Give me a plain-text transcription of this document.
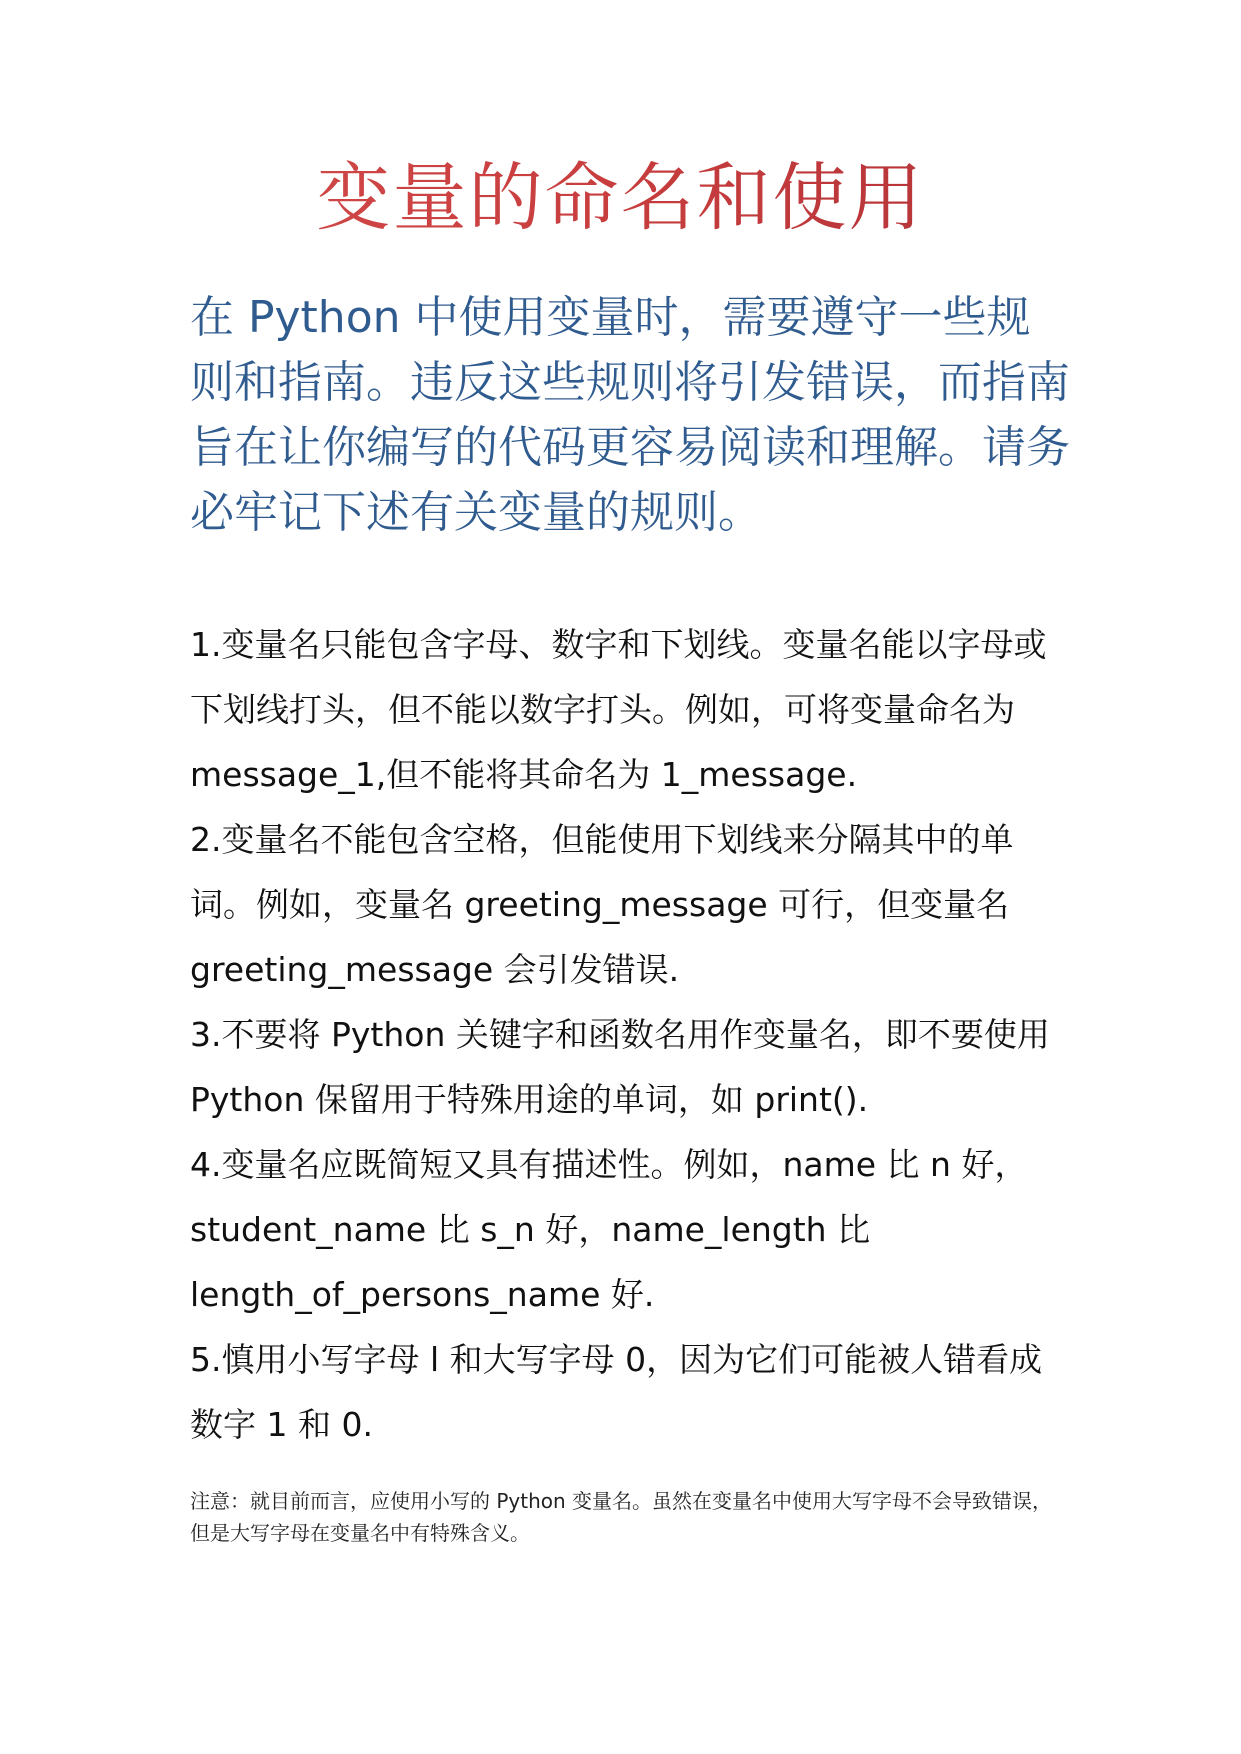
变量的命名和使用

在 Python 中使用变量时，需要遵守一些规则和指南。违反这些规则将引发错误，而指南旨在让你编写的代码更容易阅读和理解。请务必牢记下述有关变量的规则。

1.变量名只能包含字母、数字和下划线。变量名能以字母或下划线打头，但不能以数字打头。例如，可将变量命名为 message_1,但不能将其命名为 1_message.
2.变量名不能包含空格，但能使用下划线来分隔其中的单词。例如，变量名 greeting_message 可行，但变量名 greeting_message 会引发错误.
3.不要将 Python 关键字和函数名用作变量名，即不要使用 Python 保留用于特殊用途的单词，如 print().
4.变量名应既简短又具有描述性。例如，name 比 n 好，student_name 比 s_n 好，name_length 比 length_of_persons_name 好.
5.慎用小写字母 l 和大写字母 0，因为它们可能被人错看成数字 1 和 0.

注意：就目前而言，应使用小写的 Python 变量名。虽然在变量名中使用大写字母不会导致错误，但是大写字母在变量名中有特殊含义。
